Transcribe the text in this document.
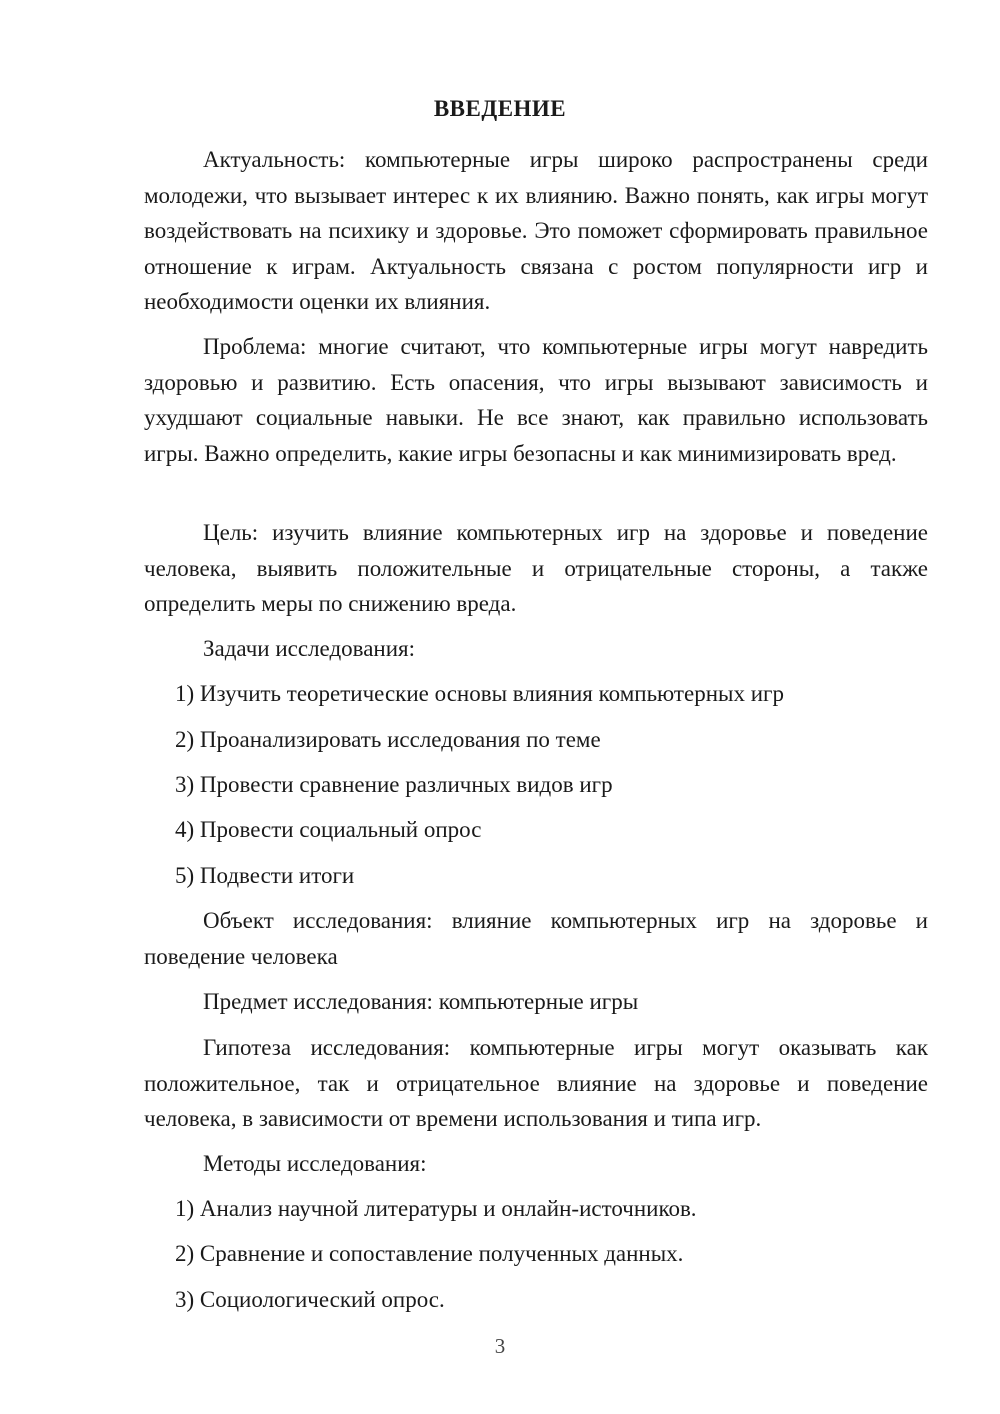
ВВЕДЕНИЕ

Актуальность: компьютерные игры широко распространены среди молодежи, что вызывает интерес к их влиянию. Важно понять, как игры могут воздействовать на психику и здоровье. Это поможет сформировать правильное отношение к играм. Актуальность связана с ростом популярности игр и необходимости оценки их влияния.

Проблема: многие считают, что компьютерные игры могут навредить здоровью и развитию. Есть опасения, что игры вызывают зависимость и ухудшают социальные навыки. Не все знают, как правильно использовать игры. Важно определить, какие игры безопасны и как минимизировать вред.

Цель: изучить влияние компьютерных игр на здоровье и поведение человека, выявить положительные и отрицательные стороны, а также определить меры по снижению вреда.

Задачи исследования:

1) Изучить теоретические основы влияния компьютерных игр

2) Проанализировать исследования по теме

3) Провести сравнение различных видов игр

4) Провести социальный опрос

5) Подвести итоги

Объект исследования: влияние компьютерных игр на здоровье и поведение человека

Предмет исследования: компьютерные игры

Гипотеза исследования: компьютерные игры могут оказывать как положительное, так и отрицательное влияние на здоровье и поведение человека, в зависимости от времени использования и типа игр.

Методы исследования:

1) Анализ научной литературы и онлайн-источников.

2) Сравнение и сопоставление полученных данных.

3) Социологический опрос.

3
